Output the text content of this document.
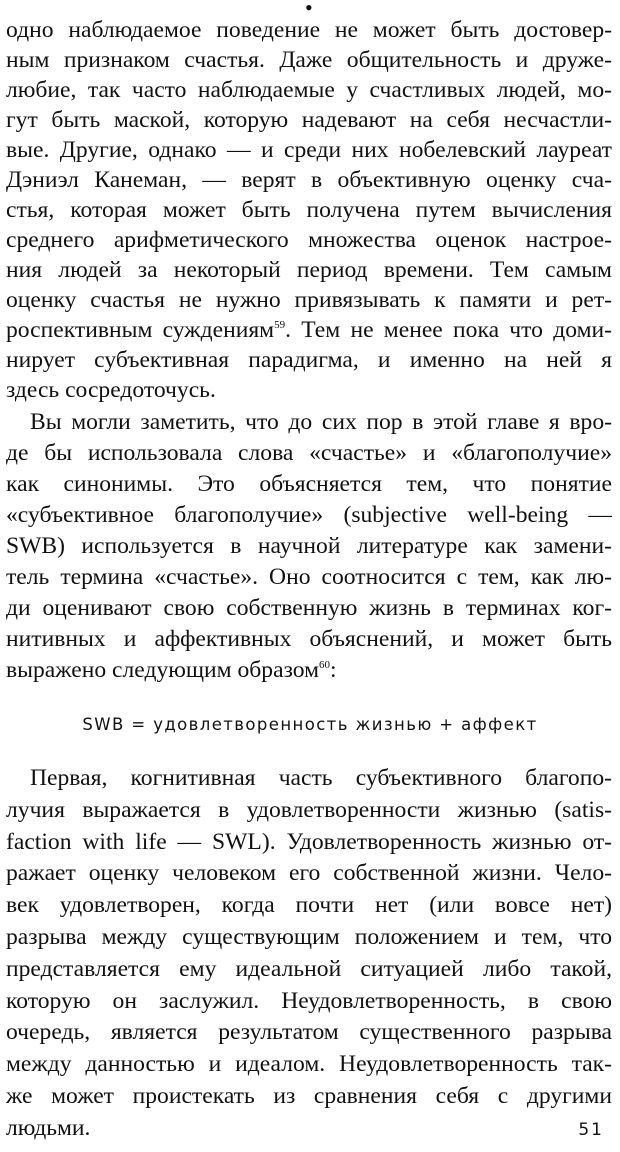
•
одно наблюдаемое поведение не может быть достовер-
ным признаком счастья. Даже общительность и друже-
любие, так часто наблюдаемые у счастливых людей, мо-
гут быть маской, которую надевают на себя несчастли-
вые. Другие, однако — и среди них нобелевский лауреат
Дэниэл Канеман, — верят в объективную оценку сча-
стья, которая может быть получена путем вычисления
среднего арифметического множества оценок настрое-
ния людей за некоторый период времени. Тем самым
оценку счастья не нужно привязывать к памяти и рет-
роспективным суждениям$^{59}$. Тем не менее пока что доми-
нирует субъективная парадигма, и именно на ней я
здесь сосредоточусь.
Вы могли заметить, что до сих пор в этой главе я вро-
де бы использовала слова «счастье» и «благополучие»
как синонимы. Это объясняется тем, что понятие
«субъективное благополучие» (subjective well-being —
SWB) используется в научной литературе как замени-
тель термина «счастье». Оно соотносится с тем, как лю-
ди оценивают свою собственную жизнь в терминах ког-
нитивных и аффективных объяснений, и может быть
выражено следующим образом$^{60}$:
SWB = удовлетворенность жизнью + аффект
Первая, когнитивная часть субъективного благопо-
лучия выражается в удовлетворенности жизнью (satis-
faction with life — SWL). Удовлетворенность жизнью от-
ражает оценку человеком его собственной жизни. Чело-
век удовлетворен, когда почти нет (или вовсе нет)
разрыва между существующим положением и тем, что
представляется ему идеальной ситуацией либо такой,
которую он заслужил. Неудовлетворенность, в свою
очередь, является результатом существенного разрыва
между данностью и идеалом. Неудовлетворенность так-
же может проистекать из сравнения себя с другими
людьми.	51
